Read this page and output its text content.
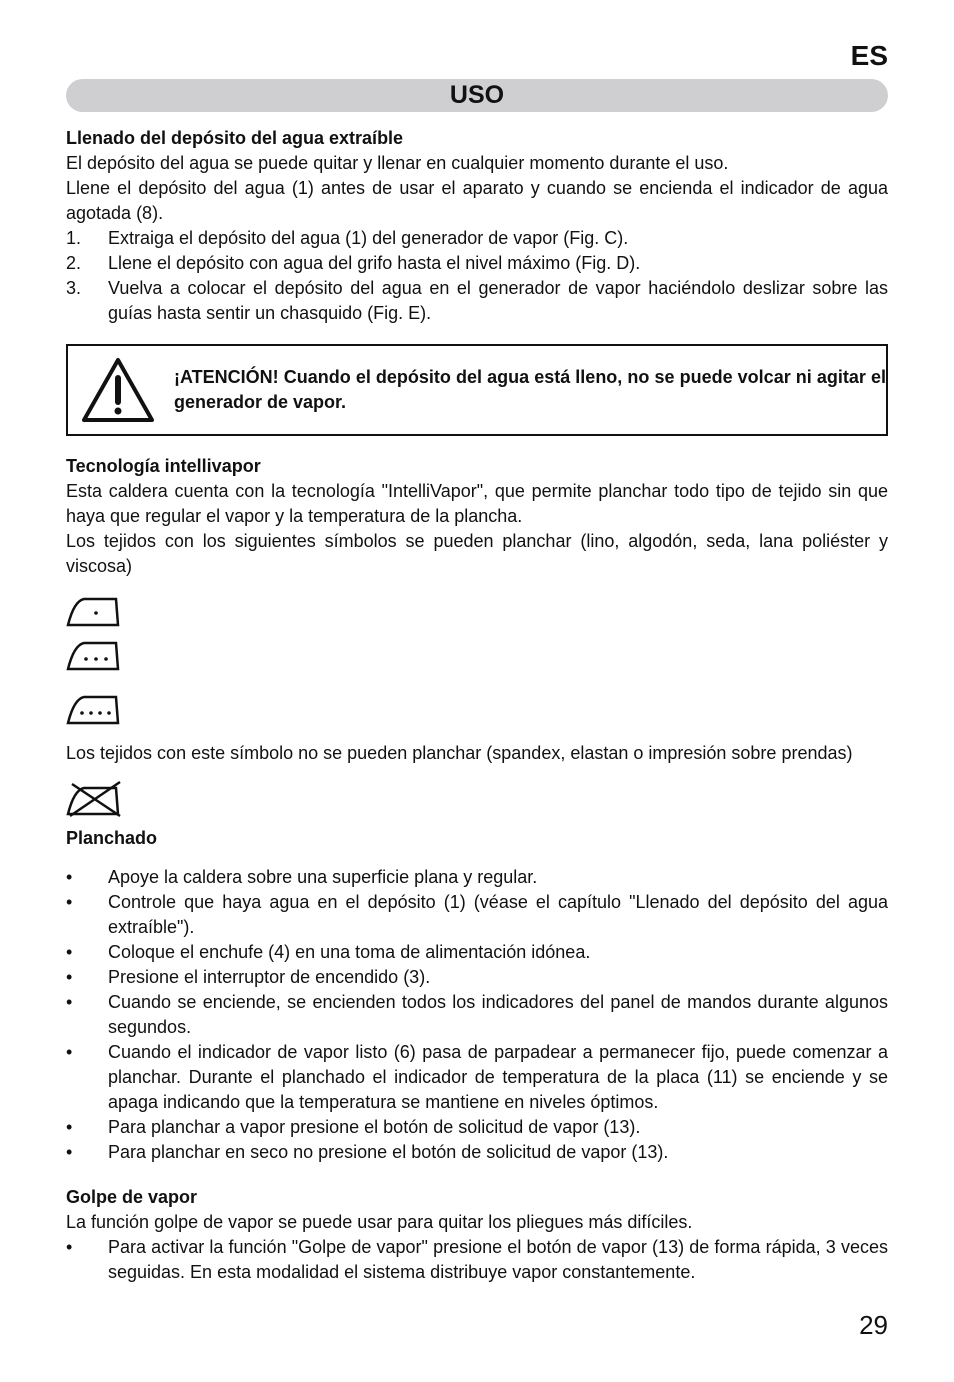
ES
USO

Llenado del depósito del agua extraíble

El depósito del agua se puede quitar y llenar en cualquier momento durante el uso.

Llene el depósito del agua (1) antes de usar el aparato y cuando se encienda el indicador de agua agotada (8).

1.	Extraiga el depósito del agua (1) del generador de vapor (Fig. C).
2.	Llene el depósito con agua del grifo hasta el nivel máximo (Fig. D).
3.	Vuelva a colocar el depósito del agua en el generador de vapor haciéndolo deslizar sobre las guías hasta sentir un chasquido (Fig. E).
¡ATENCIÓN! Cuando el depósito del agua está lleno, no se puede volcar ni agitar el generador de vapor.

Tecnología intellivapor

Esta caldera cuenta con la tecnología "IntelliVapor", que permite planchar todo tipo de tejido sin que haya que regular el vapor y la temperatura de la plancha.

Los tejidos con los siguientes símbolos se pueden planchar (lino, algodón, seda, lana poliéster y viscosa)

Los tejidos con este símbolo no se pueden planchar (spandex, elastan o impresión sobre prendas)

Planchado

•	Apoye la caldera sobre una superficie plana y regular.
•	Controle que haya agua en el depósito (1) (véase el capítulo "Llenado del depósito del agua extraíble").
•	Coloque el enchufe (4) en una toma de alimentación idónea.
•	Presione el interruptor de encendido (3).
•	Cuando se enciende, se encienden todos los indicadores del panel de mandos durante algunos segundos.
•	Cuando el indicador de vapor listo (6) pasa de parpadear a permanecer fijo, puede comenzar a planchar. Durante el planchado el indicador de temperatura de la placa (11) se enciende y se apaga indicando que la temperatura se mantiene en niveles óptimos.
•	Para planchar a vapor presione el botón de solicitud de vapor (13).
•	Para planchar en seco no presione el botón de solicitud de vapor (13).

Golpe de vapor

La función golpe de vapor se puede usar para quitar los pliegues más difíciles.

•	Para activar la función "Golpe de vapor" presione el botón de vapor (13) de forma rápida, 3 veces seguidas. En esta modalidad el sistema distribuye vapor constantemente.
29
